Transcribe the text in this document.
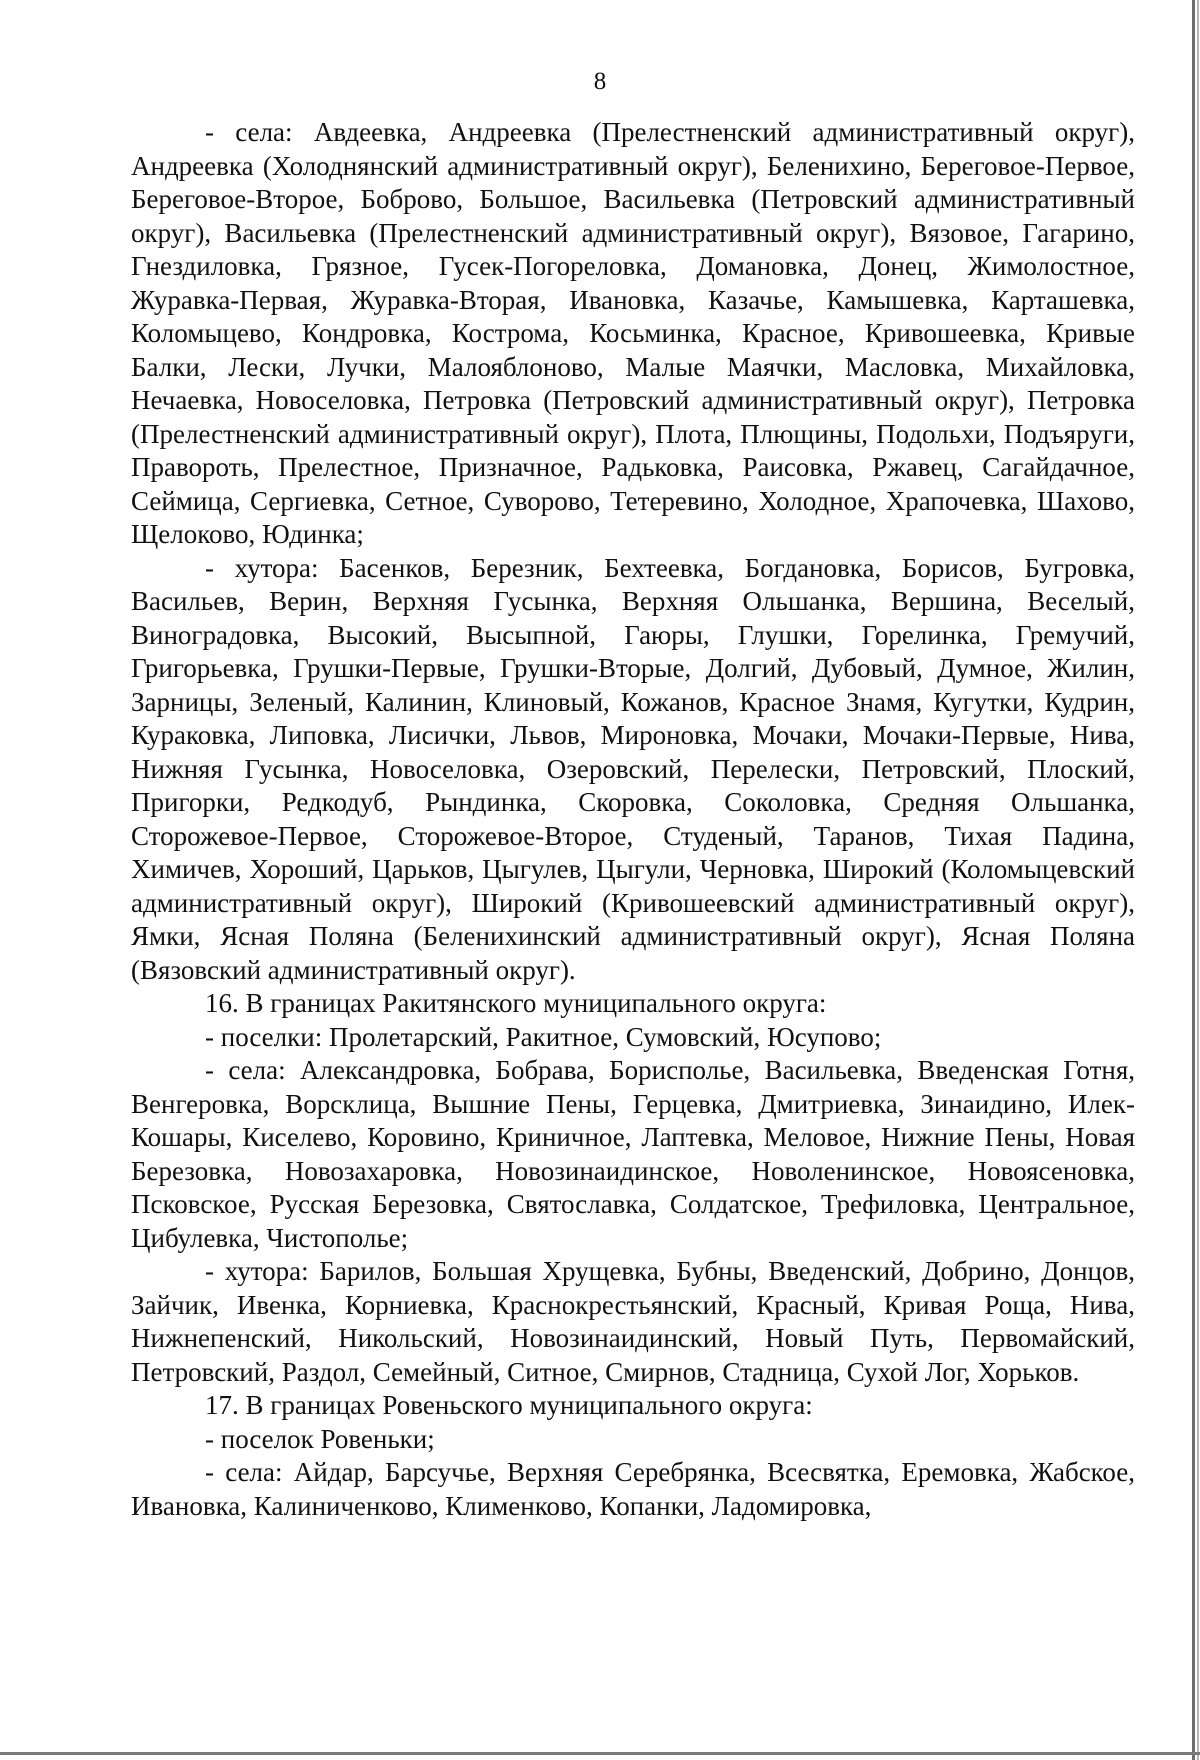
8

- села: Авдеевка, Андреевка (Прелестненский административный округ), Андреевка (Холоднянский административный округ), Беленихино, Береговое-Первое, Береговое-Второе, Боброво, Большое, Васильевка (Петровский административный округ), Васильевка (Прелестненский административный округ), Вязовое, Гагарино, Гнездиловка, Грязное, Гусек-Погореловка, Домановка, Донец, Жимолостное, Журавка-Первая, Журавка-Вторая, Ивановка, Казачье, Камышевка, Карташевка, Коломыцево, Кондровка, Кострома, Косьминка, Красное, Кривошеевка, Кривые Балки, Лески, Лучки, Малояблоново, Малые Маячки, Масловка, Михайловка, Нечаевка, Новоселовка, Петровка (Петровский административный округ), Петровка (Прелестненский административный округ), Плота, Плющины, Подольхи, Подъяруги, Правороть, Прелестное, Призначное, Радьковка, Раисовка, Ржавец, Сагайдачное, Сеймица, Сергиевка, Сетное, Суворово, Тетеревино, Холодное, Храпочевка, Шахово, Щелоково, Юдинка;

- хутора: Басенков, Березник, Бехтеевка, Богдановка, Борисов, Бугровка, Васильев, Верин, Верхняя Гусынка, Верхняя Ольшанка, Вершина, Веселый, Виноградовка, Высокий, Высыпной, Гаюры, Глушки, Горелинка, Гремучий, Григорьевка, Грушки-Первые, Грушки-Вторые, Долгий, Дубовый, Думное, Жилин, Зарницы, Зеленый, Калинин, Клиновый, Кожанов, Красное Знамя, Кугутки, Кудрин, Кураковка, Липовка, Лисички, Львов, Мироновка, Мочаки, Мочаки-Первые, Нива, Нижняя Гусынка, Новоселовка, Озеровский, Перелески, Петровский, Плоский, Пригорки, Редкодуб, Рындинка, Скоровка, Соколовка, Средняя Ольшанка, Сторожевое-Первое, Сторожевое-Второе, Студеный, Таранов, Тихая Падина, Химичев, Хороший, Царьков, Цыгулев, Цыгули, Черновка, Широкий (Коломыцевский административный округ), Широкий (Кривошеевский административный округ), Ямки, Ясная Поляна (Беленихинский административный округ), Ясная Поляна (Вязовский административный округ).

16. В границах Ракитянского муниципального округа:

- поселки: Пролетарский, Ракитное, Сумовский, Юсупово;

- села: Александровка, Бобрава, Борисполье, Васильевка, Введенская Готня, Венгеровка, Ворсклица, Вышние Пены, Герцевка, Дмитриевка, Зинаидино, Илек-Кошары, Киселево, Коровино, Криничное, Лаптевка, Меловое, Нижние Пены, Новая Березовка, Новозахаровка, Новозинаидинское, Новоленинское, Новоясеновка, Псковское, Русская Березовка, Святославка, Солдатское, Трефиловка, Центральное, Цибулевка, Чистополье;

- хутора: Барилов, Большая Хрущевка, Бубны, Введенский, Добрино, Донцов, Зайчик, Ивенка, Корниевка, Краснокрестьянский, Красный, Кривая Роща, Нива, Нижнепенский, Никольский, Новозинаидинский, Новый Путь, Первомайский, Петровский, Раздол, Семейный, Ситное, Смирнов, Стадница, Сухой Лог, Хорьков.

17. В границах Ровеньского муниципального округа:

- поселок Ровеньки;

- села: Айдар, Барсучье, Верхняя Серебрянка, Всесвятка, Еремовка, Жабское, Ивановка, Калиниченково, Клименково, Копанки, Ладомировка,
